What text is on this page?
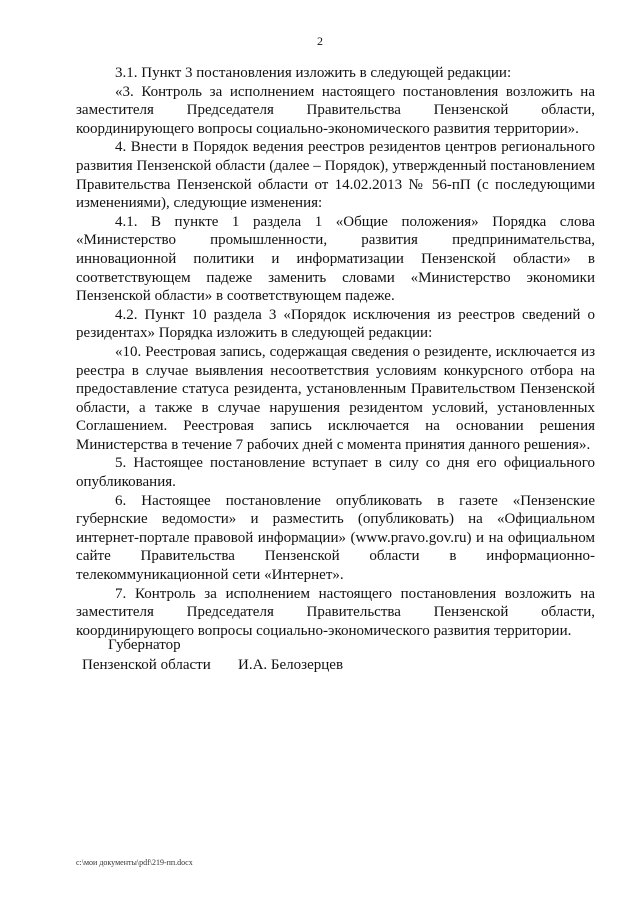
2

3.1. Пункт 3 постановления изложить в следующей редакции:

«3. Контроль за исполнением настоящего постановления возложить на заместителя Председателя Правительства Пензенской области, координирующего вопросы социально-экономического развития территории».

4. Внести в Порядок ведения реестров резидентов центров регионального развития Пензенской области (далее – Порядок), утвержденный постановлением Правительства Пензенской области от 14.02.2013 № 56-пП (с последующими изменениями), следующие изменения:

4.1. В пункте 1 раздела 1 «Общие положения» Порядка слова «Министерство промышленности, развития предпринимательства, инновационной политики и информатизации Пензенской области» в соответствующем падеже заменить словами «Министерство экономики Пензенской области» в соответствующем падеже.

4.2. Пункт 10 раздела 3 «Порядок исключения из реестров сведений о резидентах» Порядка изложить в следующей редакции:

«10. Реестровая запись, содержащая сведения о резиденте, исключается из реестра в случае выявления несоответствия условиям конкурсного отбора на предоставление статуса резидента, установленным Правительством Пензенской области, а также в случае нарушения резидентом условий, установленных Соглашением. Реестровая запись исключается на основании решения Министерства в течение 7 рабочих дней с момента принятия данного решения».

5. Настоящее постановление вступает в силу со дня его официального опубликования.

6. Настоящее постановление опубликовать в газете «Пензенские губернские ведомости» и разместить (опубликовать) на «Официальном интернет-портале правовой информации» (www.pravo.gov.ru) и на официальном сайте Правительства Пензенской области в информационно-телекоммуникационной сети «Интернет».

7. Контроль за исполнением настоящего постановления возложить на заместителя Председателя Правительства Пензенской области, координирующего вопросы социально-экономического развития территории.

Губернатор
Пензенской области И.А. Белозерцев
c:\мои документы\pdf\219-пп.docx
